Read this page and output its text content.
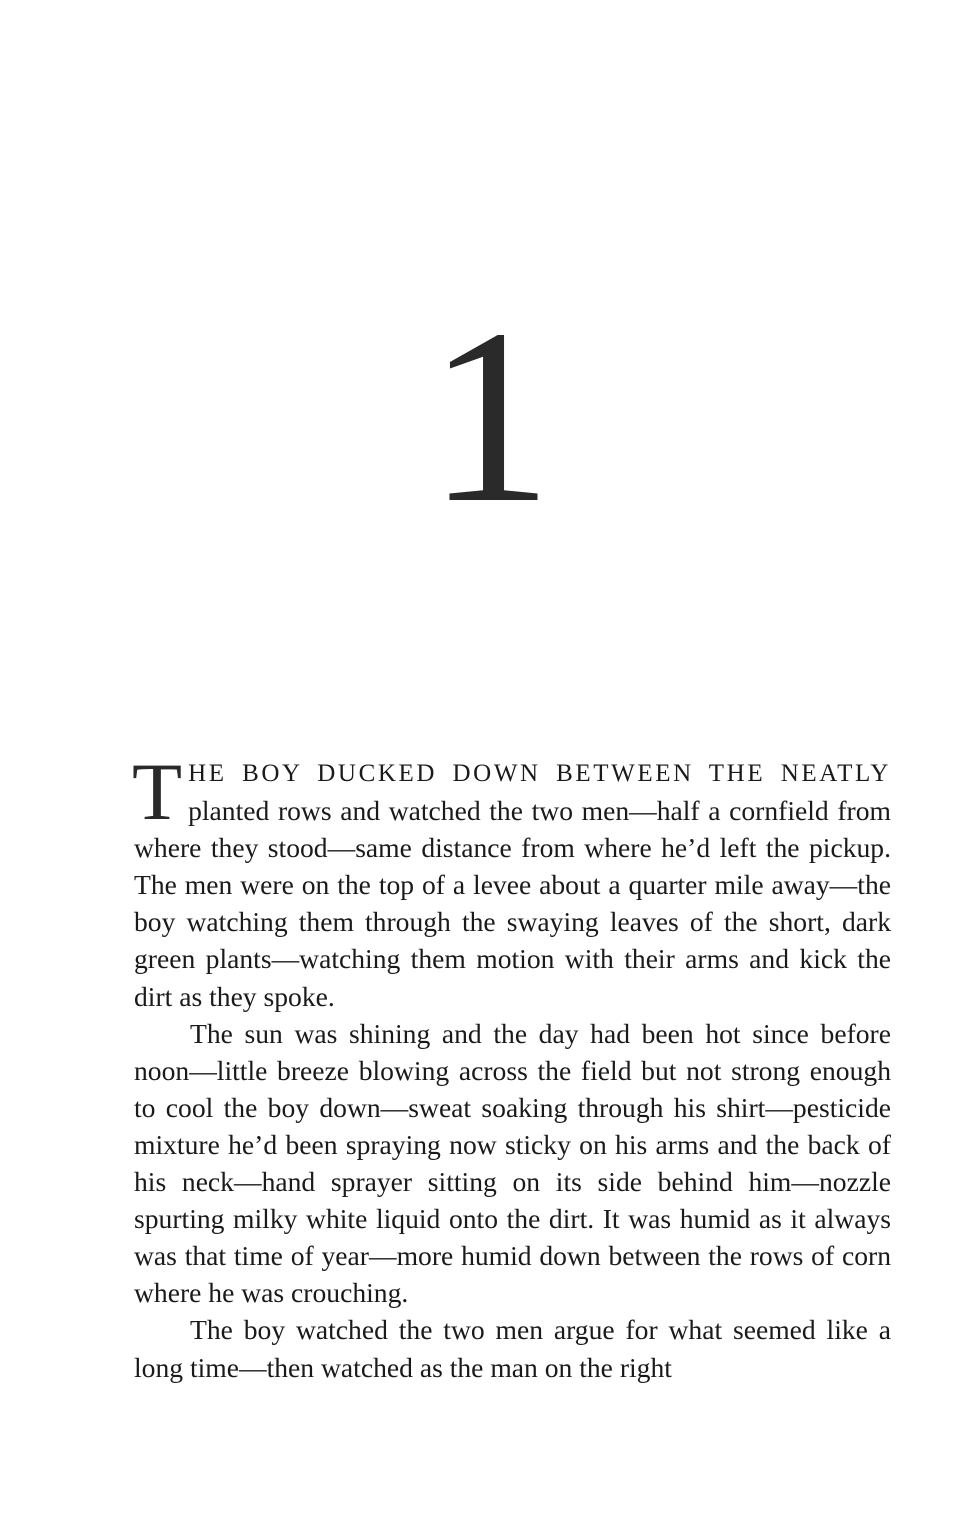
1

THE BOY DUCKED DOWN BETWEEN THE NEATLY planted rows and watched the two men—half a cornfield from where they stood—same distance from where he’d left the pickup. The men were on the top of a levee about a quarter mile away—the boy watching them through the swaying leaves of the short, dark green plants—watching them motion with their arms and kick the dirt as they spoke.

The sun was shining and the day had been hot since before noon—little breeze blowing across the field but not strong enough to cool the boy down—sweat soaking through his shirt—pesticide mixture he’d been spraying now sticky on his arms and the back of his neck—hand sprayer sitting on its side behind him—nozzle spurting milky white liquid onto the dirt. It was humid as it always was that time of year—more humid down between the rows of corn where he was crouching.

The boy watched the two men argue for what seemed like a long time—then watched as the man on the right
